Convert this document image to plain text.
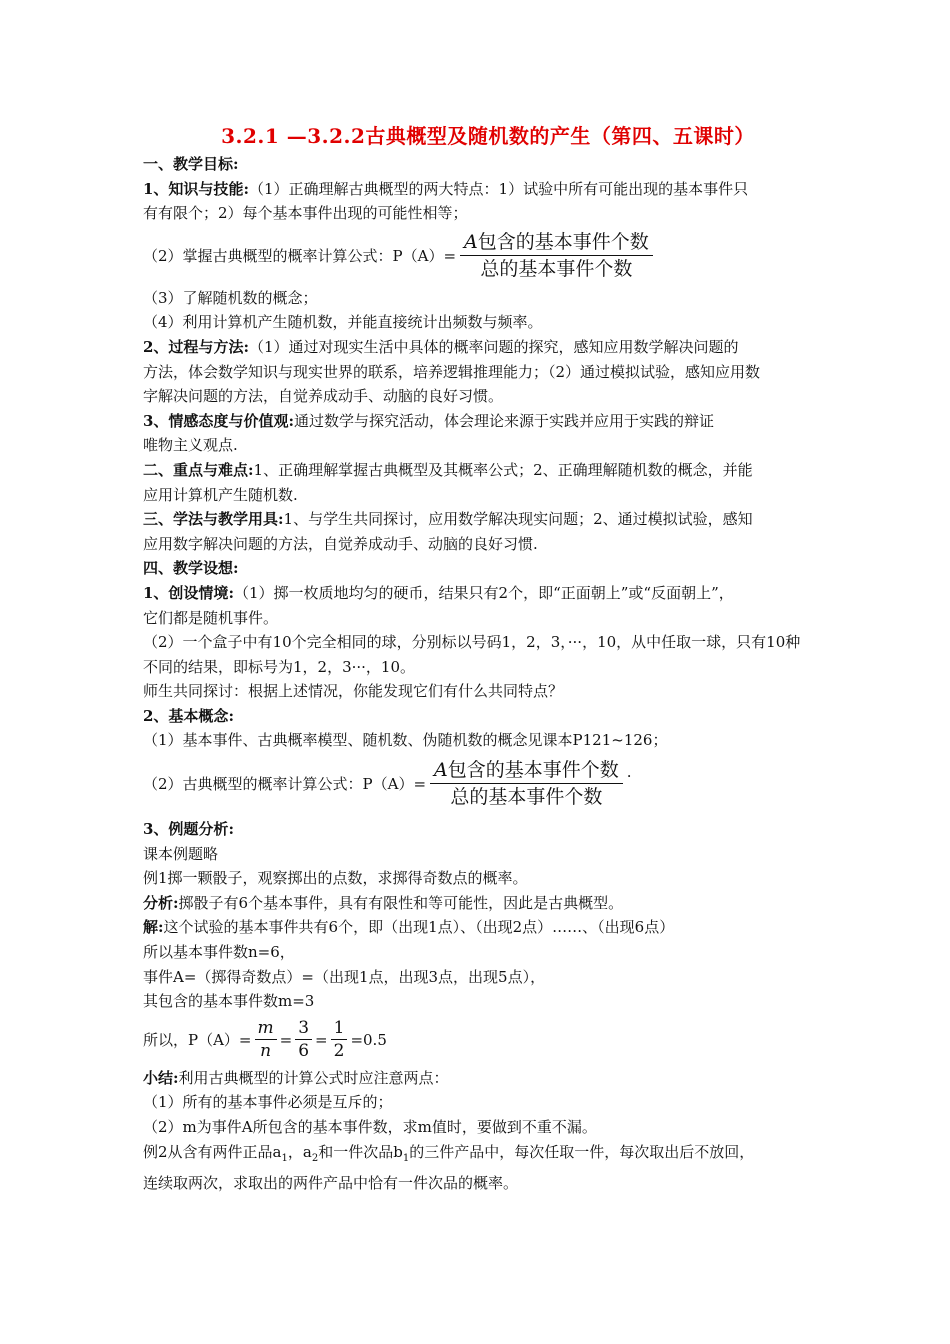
3.2.1 —3.2.2古典概型及随机数的产生（第四、五课时）
一、教学目标:
1、知识与技能:（1）正确理解古典概型的两大特点：1）试验中所有可能出现的基本事件只
有有限个；2）每个基本事件出现的可能性相等；
（2）掌握古典概型的概率计算公式：$P(A)= \frac{\text{A包含的基本事件个数}}{\text{总的基本事件个数}}$
（3）了解随机数的概念；
（4）利用计算机产生随机数，并能直接统计出频数与频率。
2、过程与方法:（1）通过对现实生活中具体的概率问题的探究，感知应用数学解决问题的
方法，体会数学知识与现实世界的联系，培养逻辑推理能力；（2）通过模拟试验，感知应用数
字解决问题的方法，自觉养成动手、动脑的良好习惯。
3、情感态度与价值观:通过数学与探究活动，体会理论来源于实践并应用于实践的辩证
唯物主义观点.
二、重点与难点:1、正确理解掌握古典概型及其概率公式；2、正确理解随机数的概念，并能
应用计算机产生随机数.
三、学法与教学用具:1、与学生共同探讨，应用数学解决现实问题；2、通过模拟试验，感知
应用数字解决问题的方法，自觉养成动手、动脑的良好习惯.
四、教学设想:
1、创设情境:（1）掷一枚质地均匀的硬币，结果只有2个，即“正面朝上”或“反面朝上”，
它们都是随机事件。
（2）一个盒子中有10个完全相同的球，分别标以号码1，2，3，···，10，从中任取一球，只有10种
不同的结果，即标号为1，2，3···，10。
师生共同探讨：根据上述情况，你能发现它们有什么共同特点？
2、基本概念:
（1）基本事件、古典概率模型、随机数、伪随机数的概念见课本P121~126；
（2）古典概型的概率计算公式：$P(A)= \frac{\text{A包含的基本事件个数}}{\text{总的基本事件个数}}$ .
3、例题分析:
课本例题略
例1掷一颗骰子，观察掷出的点数，求掷得奇数点的概率。
分析:掷骰子有6个基本事件，具有有限性和等可能性，因此是古典概型。
解:这个试验的基本事件共有6个，即（出现1点）、（出现2点）……、（出现6点）
所以基本事件数n=6，
事件A=（掷得奇数点）=（出现1点，出现3点，出现5点），
其包含的基本事件数m=3
所以，$P(A)= \frac{m}{n} = \frac{3}{6} = \frac{1}{2} =0.5$
小结:利用古典概型的计算公式时应注意两点：
（1）所有的基本事件必须是互斥的；
（2）m为事件A所包含的基本事件数，求m值时，要做到不重不漏。
例2从含有两件正品$a_1$，$a_2$和一件次品$b_1$的三件产品中，每次任取一件，每次取出后不放回，
连续取两次，求取出的两件产品中恰有一件次品的概率。
